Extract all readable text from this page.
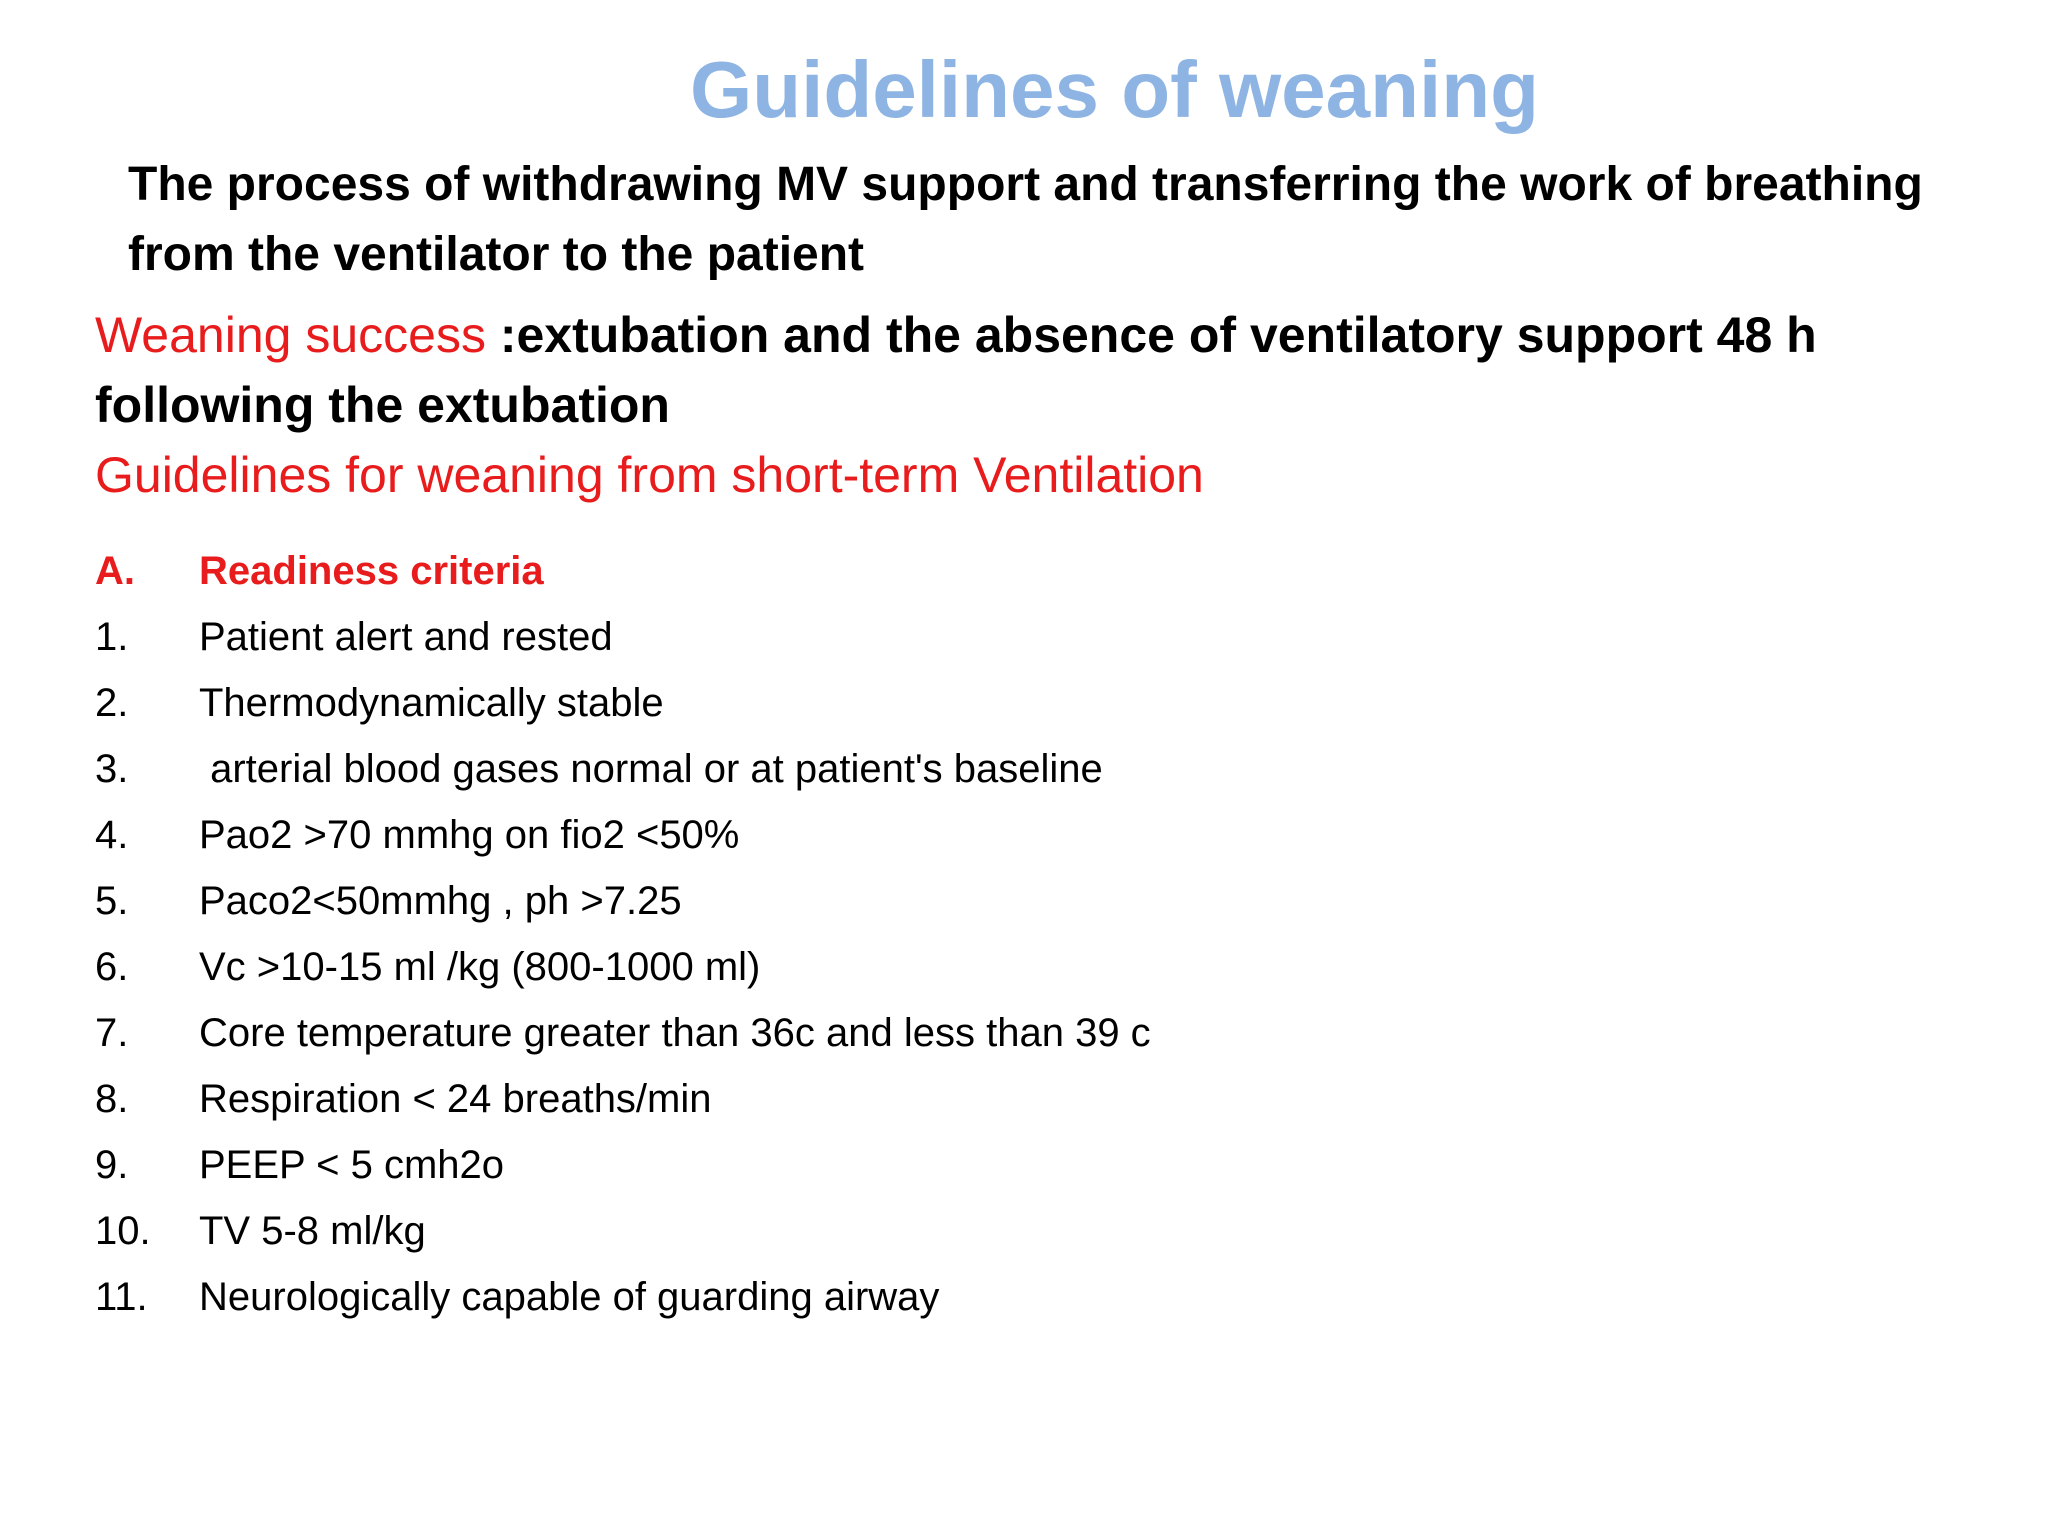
Guidelines of weaning
The process of withdrawing MV support and transferring the work of breathing from the ventilator to the patient
Weaning success :extubation and the absence of ventilatory support 48 h following the extubation
Guidelines for weaning from short-term Ventilation
A.	Readiness criteria
1.	Patient alert and rested
2.	Thermodynamically stable
3.	arterial blood gases normal or at patient's baseline
4.	Pao2 >70 mmhg on fio2 <50%
5.	Paco2<50mmhg , ph >7.25
6.	Vc >10-15 ml /kg (800-1000 ml)
7.	Core temperature greater than 36c and less than 39 c
8.	Respiration < 24 breaths/min
9.	PEEP < 5 cmh2o
10.	TV 5-8 ml/kg
11.	Neurologically capable of guarding airway
